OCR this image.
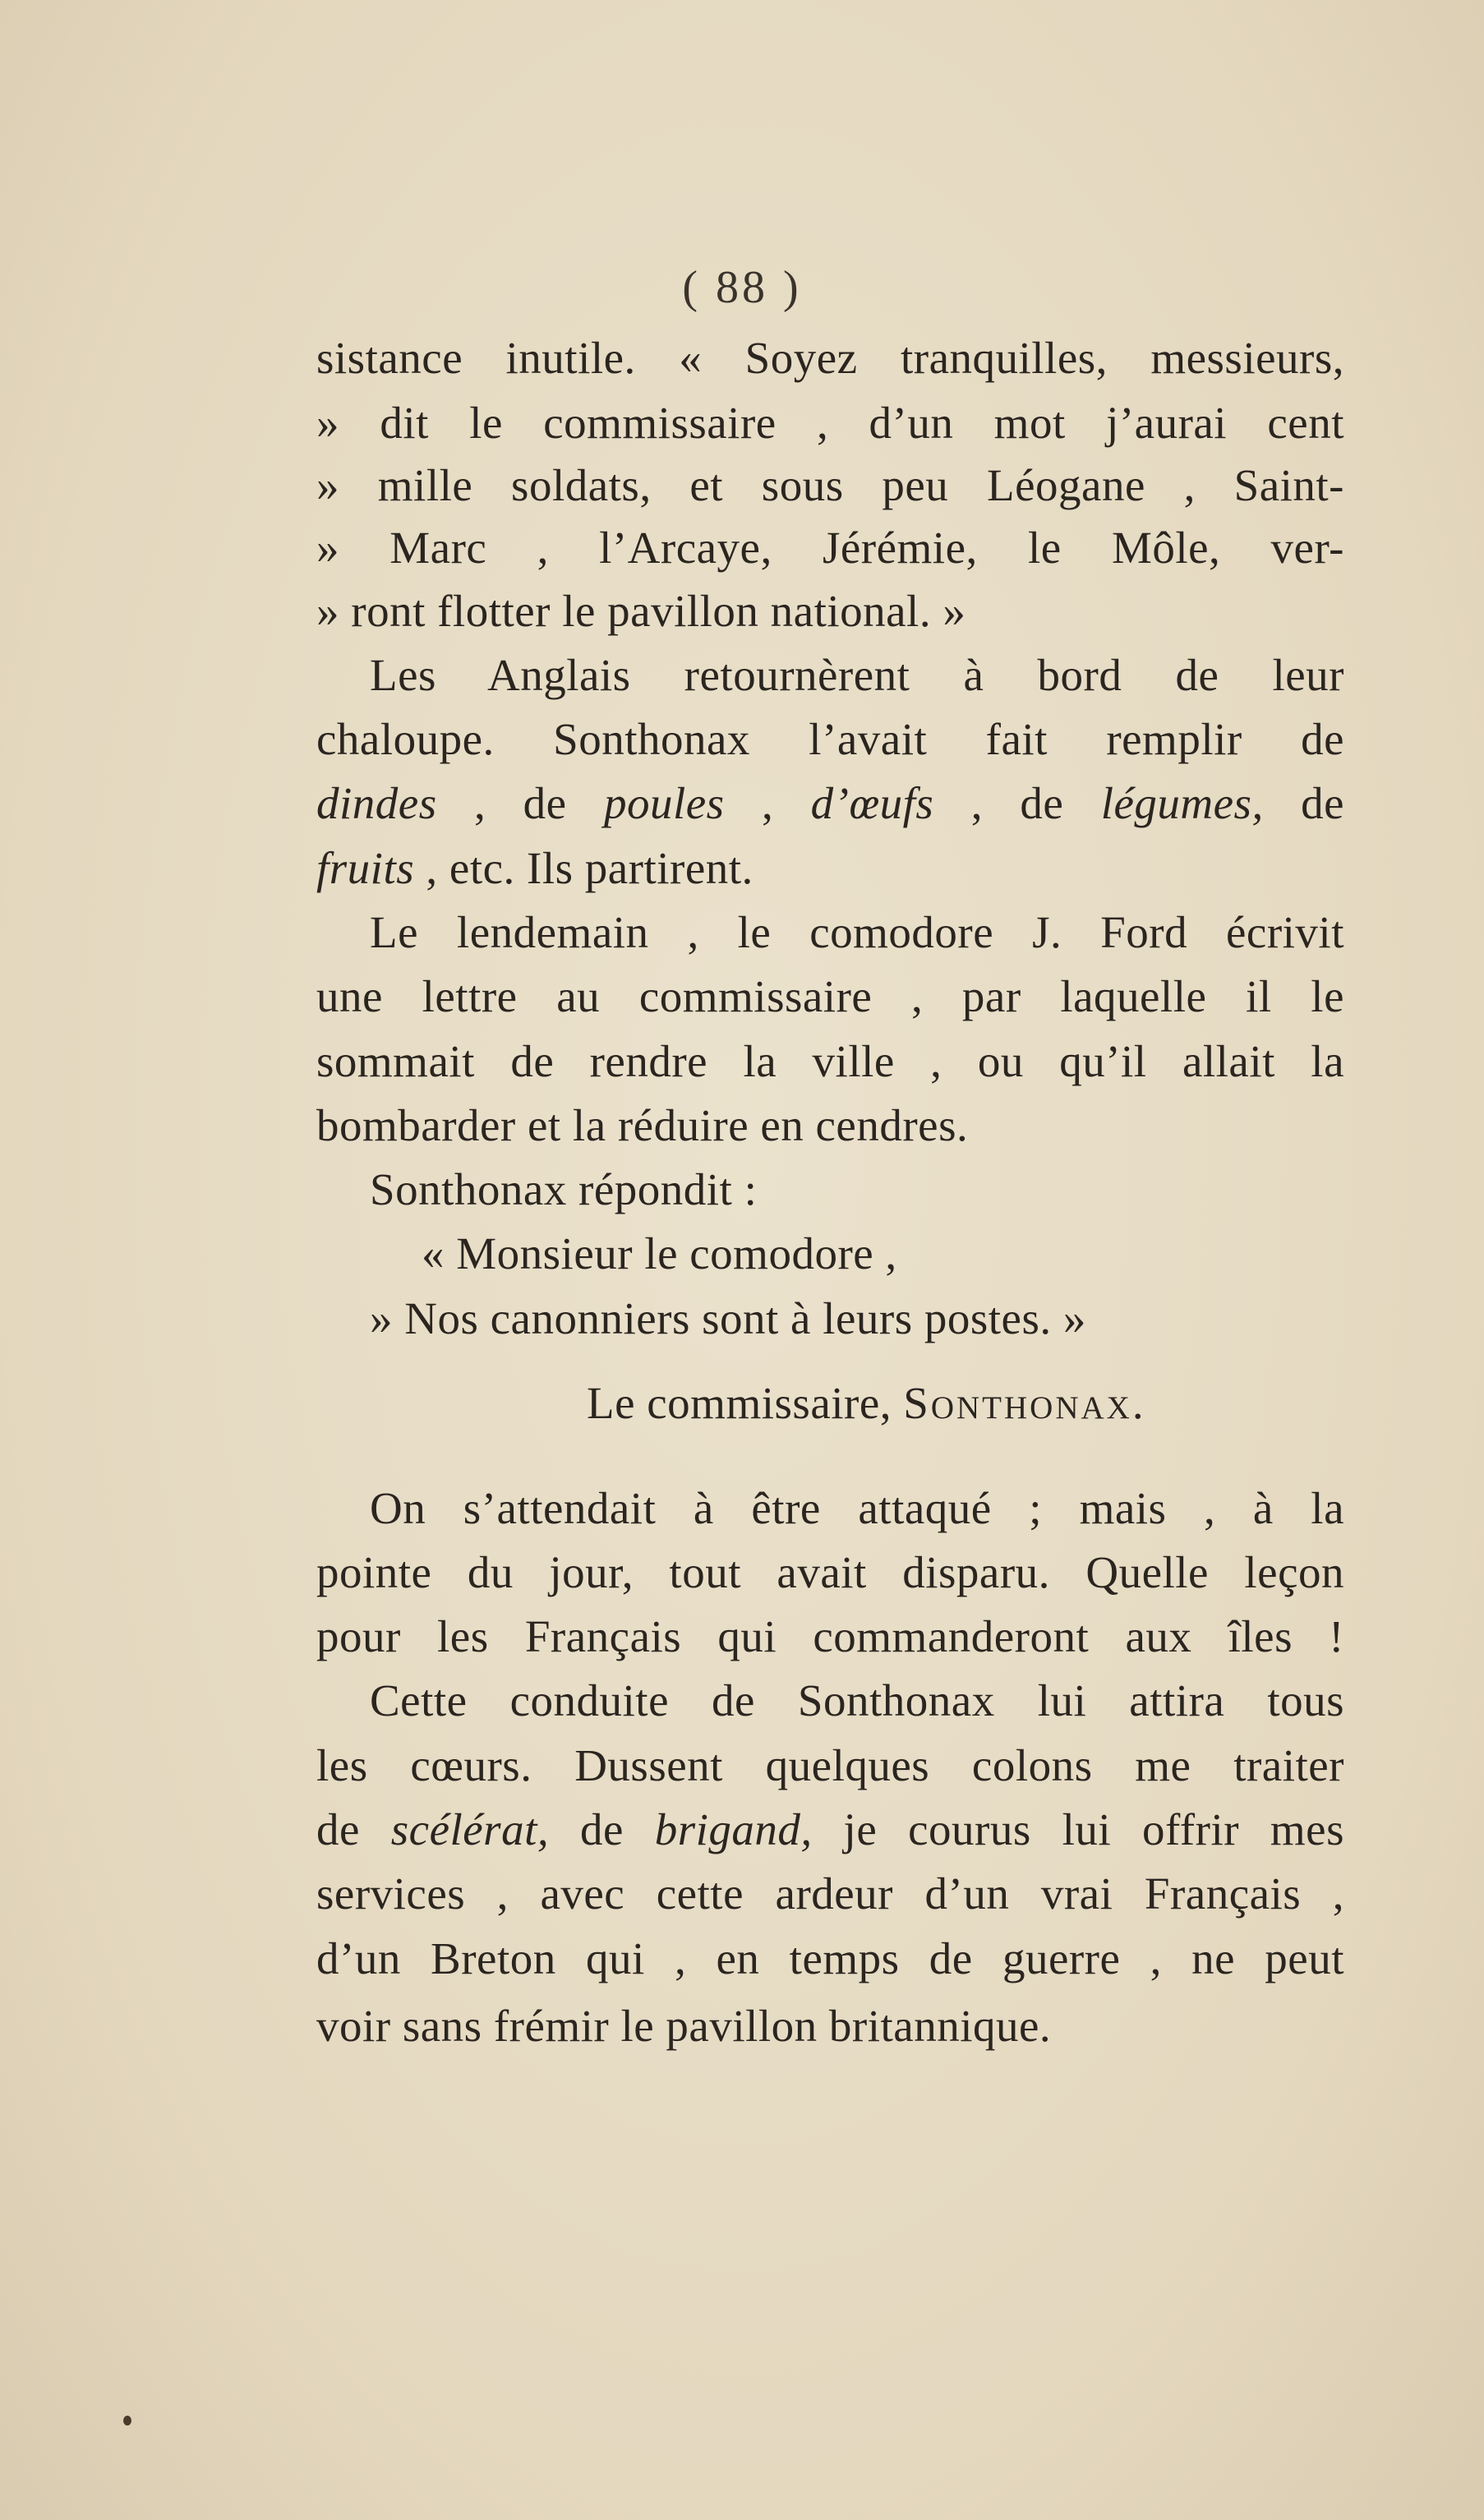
( 88 )
sistance inutile. « Soyez tranquilles, messieurs,
» dit le commissaire , d’un mot j’aurai cent
» mille soldats, et sous peu Léogane , Saint-
» Marc , l’Arcaye, Jérémie, le Môle, ver-
» ront flotter le pavillon national. »
Les Anglais retournèrent à bord de leur
chaloupe. Sonthonax l’avait fait remplir de
dindes , de poules , d’œufs , de légumes, de
fruits , etc. Ils partirent.
Le lendemain , le comodore J. Ford écrivit
une lettre au commissaire , par laquelle il le
sommait de rendre la ville , ou qu’il allait la
bombarder et la réduire en cendres.
Sonthonax répondit :
« Monsieur le comodore ,
» Nos canonniers sont à leurs postes. »
Le commissaire, Sonthonax.
On s’attendait à être attaqué ; mais , à la
pointe du jour, tout avait disparu. Quelle leçon
pour les Français qui commanderont aux îles !
Cette conduite de Sonthonax lui attira tous
les cœurs. Dussent quelques colons me traiter
de scélérat, de brigand, je courus lui offrir mes
services , avec cette ardeur d’un vrai Français ,
d’un Breton qui , en temps de guerre , ne peut
voir sans frémir le pavillon britannique.
